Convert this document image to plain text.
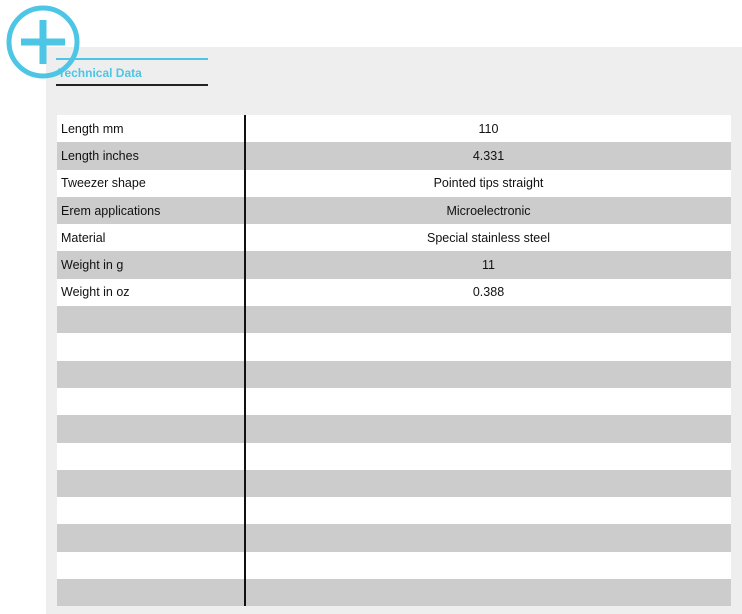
Technical Data
Length mm	110
Length inches	4.331
Tweezer shape	Pointed tips straight
Erem applications	Microelectronic
Material	Special stainless steel
Weight in g	11
Weight in oz	0.388
